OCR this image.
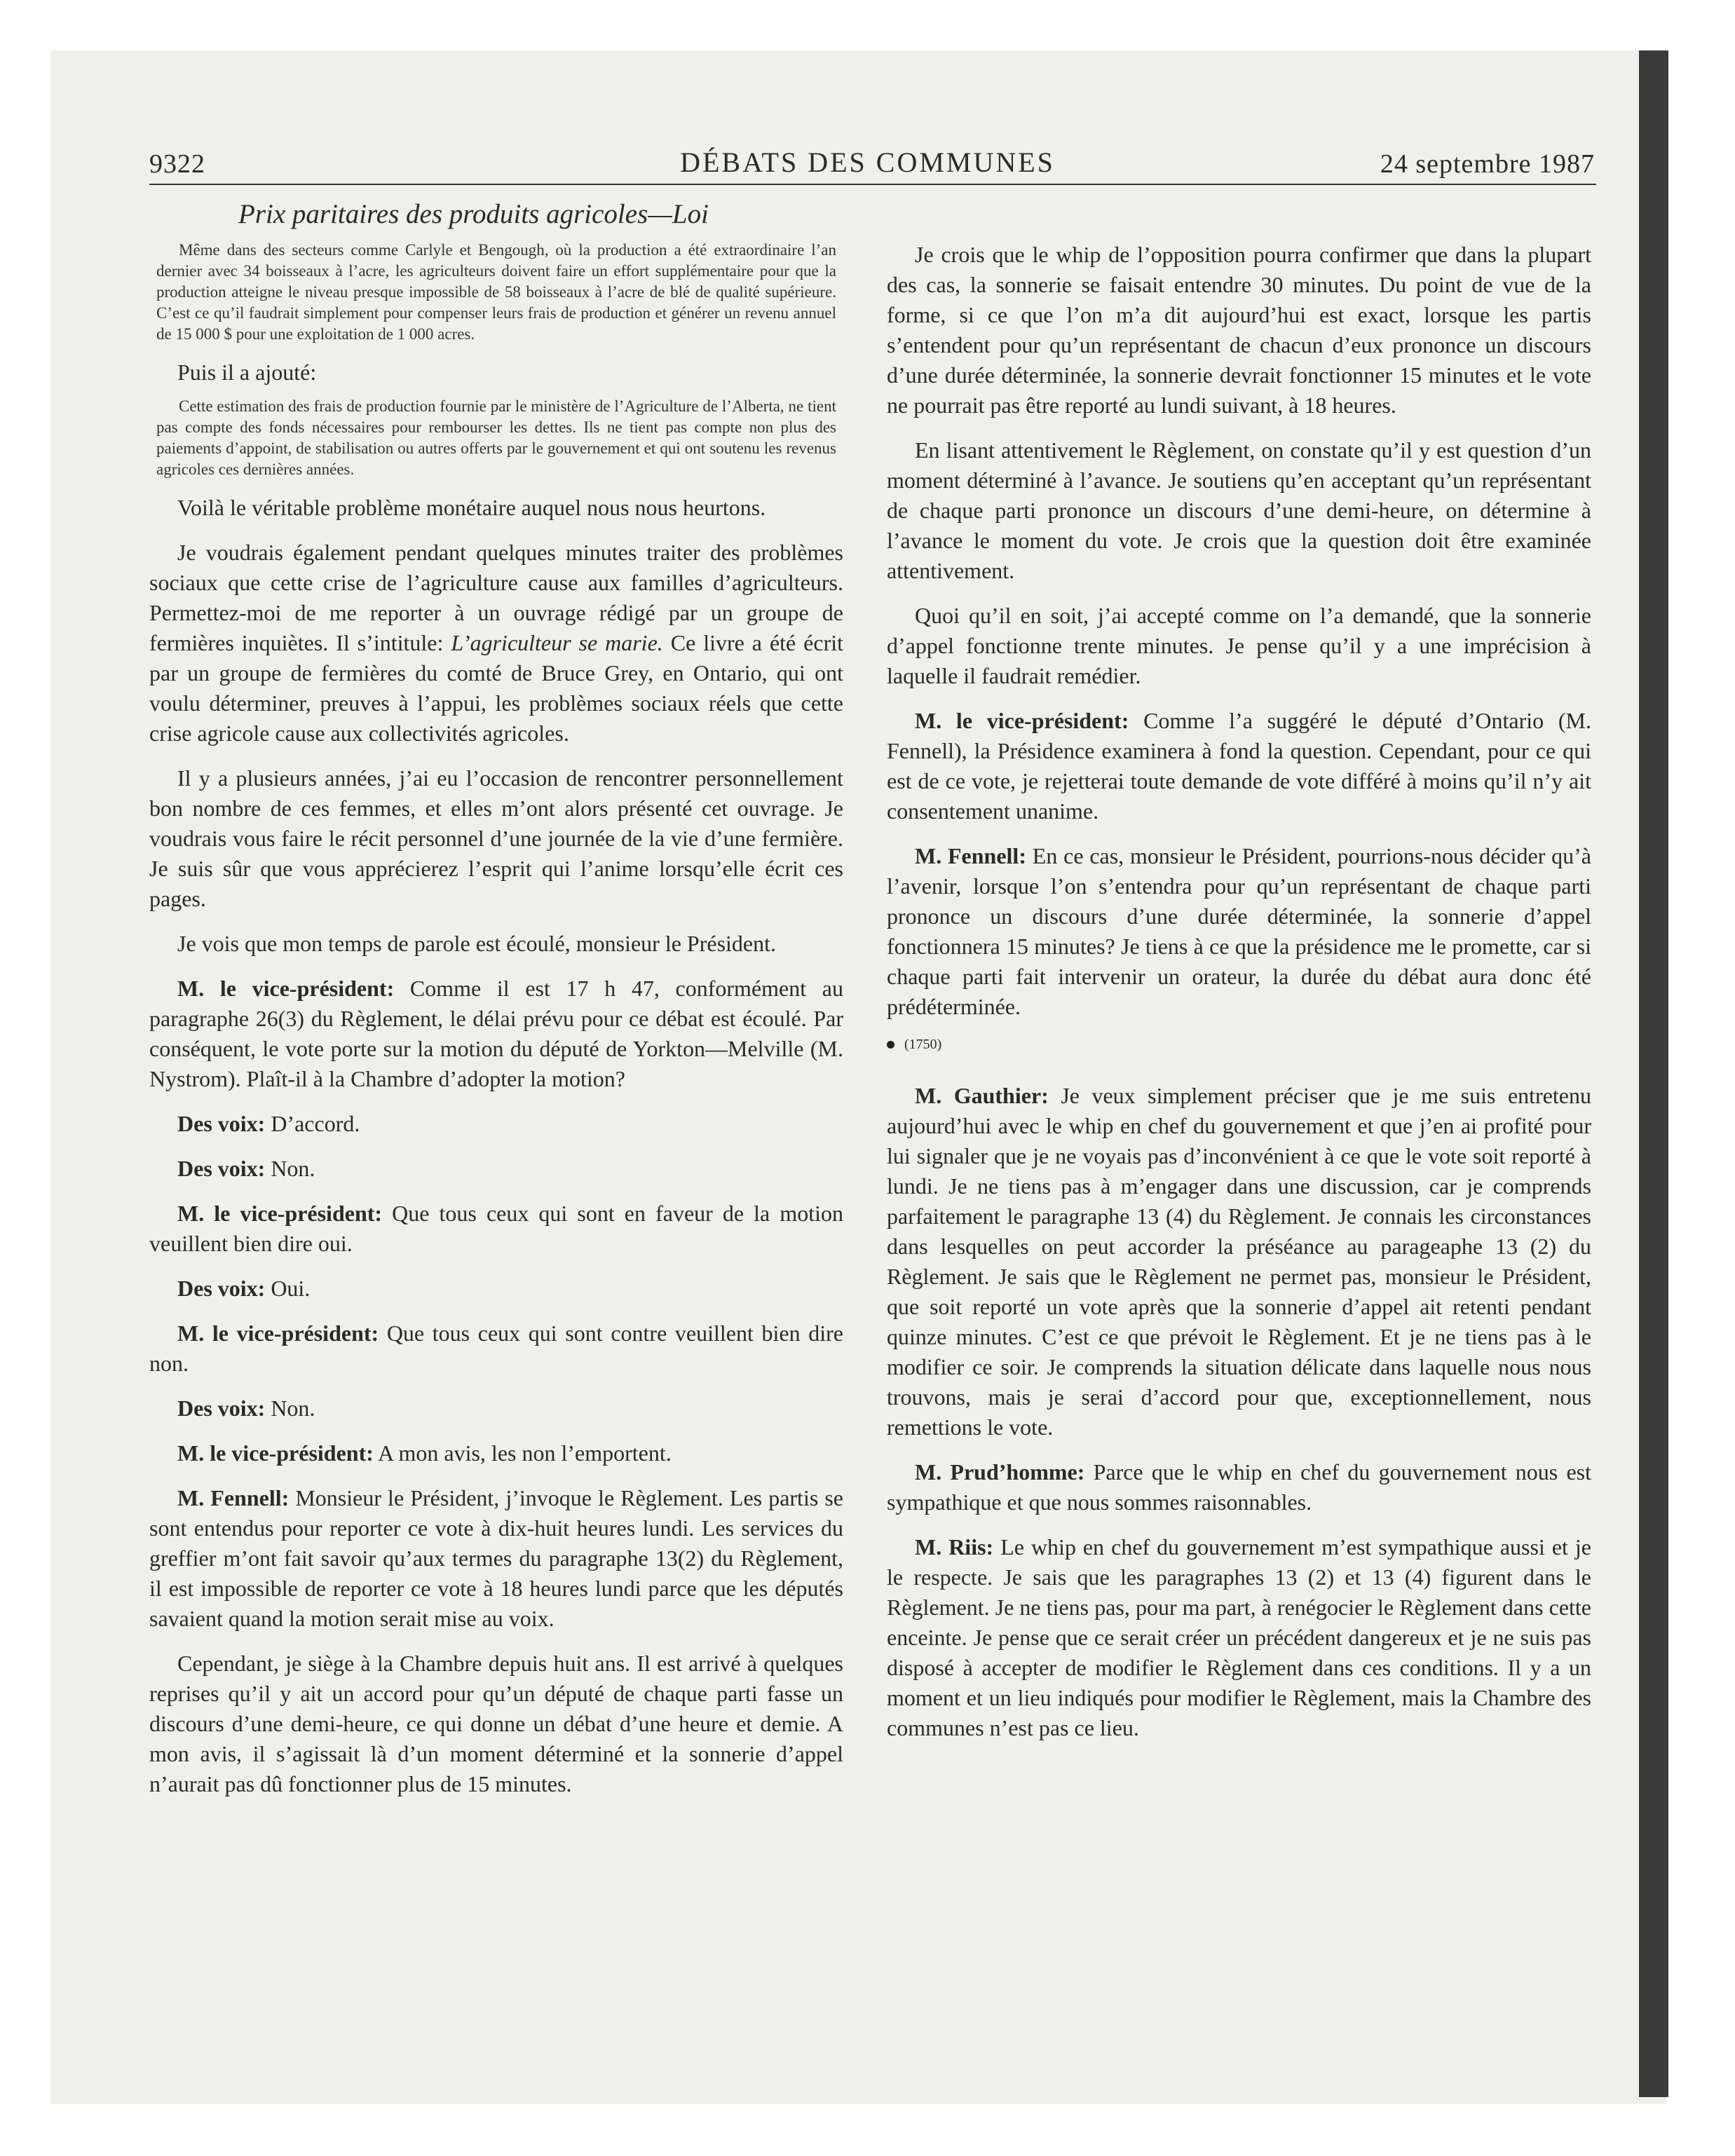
9322	DÉBATS DES COMMUNES	24 septembre 1987
Prix paritaires des produits agricoles—Loi

Même dans des secteurs comme Carlyle et Bengough, où la production a été extraordinaire l’an dernier avec 34 boisseaux à l’acre, les agriculteurs doivent faire un effort supplémentaire pour que la production atteigne le niveau presque impossible de 58 boisseaux à l’acre de blé de qualité supérieure. C’est ce qu’il faudrait simplement pour compenser leurs frais de production et générer un revenu annuel de 15 000 $ pour une exploitation de 1 000 acres.

Puis il a ajouté:

Cette estimation des frais de production fournie par le ministère de l’Agriculture de l’Alberta, ne tient pas compte des fonds nécessaires pour rembourser les dettes. Ils ne tient pas compte non plus des paiements d’appoint, de stabilisation ou autres offerts par le gouvernement et qui ont soutenu les revenus agricoles ces dernières années.

Voilà le véritable problème monétaire auquel nous nous heurtons.

Je voudrais également pendant quelques minutes traiter des problèmes sociaux que cette crise de l’agriculture cause aux familles d’agriculteurs. Permettez-moi de me reporter à un ouvrage rédigé par un groupe de fermières inquiètes. Il s’intitule: L’agriculteur se marie. Ce livre a été écrit par un groupe de fermières du comté de Bruce Grey, en Ontario, qui ont voulu déterminer, preuves à l’appui, les problèmes sociaux réels que cette crise agricole cause aux collectivités agricoles.

Il y a plusieurs années, j’ai eu l’occasion de rencontrer personnellement bon nombre de ces femmes, et elles m’ont alors présenté cet ouvrage. Je voudrais vous faire le récit personnel d’une journée de la vie d’une fermière. Je suis sûr que vous apprécierez l’esprit qui l’anime lorsqu’elle écrit ces pages.

Je vois que mon temps de parole est écoulé, monsieur le Président.

M. le vice-président: Comme il est 17 h 47, conformément au paragraphe 26(3) du Règlement, le délai prévu pour ce débat est écoulé. Par conséquent, le vote porte sur la motion du député de Yorkton—Melville (M. Nystrom). Plaît-il à la Chambre d’adopter la motion?

Des voix: D’accord.

Des voix: Non.

M. le vice-président: Que tous ceux qui sont en faveur de la motion veuillent bien dire oui.

Des voix: Oui.

M. le vice-président: Que tous ceux qui sont contre veuillent bien dire non.

Des voix: Non.

M. le vice-président: A mon avis, les non l’emportent.

M. Fennell: Monsieur le Président, j’invoque le Règlement. Les partis se sont entendus pour reporter ce vote à dix-huit heures lundi. Les services du greffier m’ont fait savoir qu’aux termes du paragraphe 13(2) du Règlement, il est impossible de reporter ce vote à 18 heures lundi parce que les députés savaient quand la motion serait mise au voix.

Cependant, je siège à la Chambre depuis huit ans. Il est arrivé à quelques reprises qu’il y ait un accord pour qu’un député de chaque parti fasse un discours d’une demi-heure, ce qui donne un débat d’une heure et demie. A mon avis, il s’agissait là d’un moment déterminé et la sonnerie d’appel n’aurait pas dû fonctionner plus de 15 minutes.

Je crois que le whip de l’opposition pourra confirmer que dans la plupart des cas, la sonnerie se faisait entendre 30 minutes. Du point de vue de la forme, si ce que l’on m’a dit aujourd’hui est exact, lorsque les partis s’entendent pour qu’un représentant de chacun d’eux prononce un discours d’une durée déterminée, la sonnerie devrait fonctionner 15 minutes et le vote ne pourrait pas être reporté au lundi suivant, à 18 heures.

En lisant attentivement le Règlement, on constate qu’il y est question d’un moment déterminé à l’avance. Je soutiens qu’en acceptant qu’un représentant de chaque parti prononce un discours d’une demi-heure, on détermine à l’avance le moment du vote. Je crois que la question doit être examinée attentivement.

Quoi qu’il en soit, j’ai accepté comme on l’a demandé, que la sonnerie d’appel fonctionne trente minutes. Je pense qu’il y a une imprécision à laquelle il faudrait remédier.

M. le vice-président: Comme l’a suggéré le député d’Ontario (M. Fennell), la Présidence examinera à fond la question. Cependant, pour ce qui est de ce vote, je rejetterai toute demande de vote différé à moins qu’il n’y ait consentement unanime.

M. Fennell: En ce cas, monsieur le Président, pourrions-nous décider qu’à l’avenir, lorsque l’on s’entendra pour qu’un représentant de chaque parti prononce un discours d’une durée déterminée, la sonnerie d’appel fonctionnera 15 minutes? Je tiens à ce que la présidence me le promette, car si chaque parti fait intervenir un orateur, la durée du débat aura donc été prédéterminée.

(1750)

M. Gauthier: Je veux simplement préciser que je me suis entretenu aujourd’hui avec le whip en chef du gouvernement et que j’en ai profité pour lui signaler que je ne voyais pas d’inconvénient à ce que le vote soit reporté à lundi. Je ne tiens pas à m’engager dans une discussion, car je comprends parfaitement le paragraphe 13 (4) du Règlement. Je connais les circonstances dans lesquelles on peut accorder la préséance au parageaphe 13 (2) du Règlement. Je sais que le Règlement ne permet pas, monsieur le Président, que soit reporté un vote après que la sonnerie d’appel ait retenti pendant quinze minutes. C’est ce que prévoit le Règlement. Et je ne tiens pas à le modifier ce soir. Je comprends la situation délicate dans laquelle nous nous trouvons, mais je serai d’accord pour que, exceptionnellement, nous remettions le vote.

M. Prud’homme: Parce que le whip en chef du gouvernement nous est sympathique et que nous sommes raisonnables.

M. Riis: Le whip en chef du gouvernement m’est sympathique aussi et je le respecte. Je sais que les paragraphes 13 (2) et 13 (4) figurent dans le Règlement. Je ne tiens pas, pour ma part, à renégocier le Règlement dans cette enceinte. Je pense que ce serait créer un précédent dangereux et je ne suis pas disposé à accepter de modifier le Règlement dans ces conditions. Il y a un moment et un lieu indiqués pour modifier le Règlement, mais la Chambre des communes n’est pas ce lieu.
